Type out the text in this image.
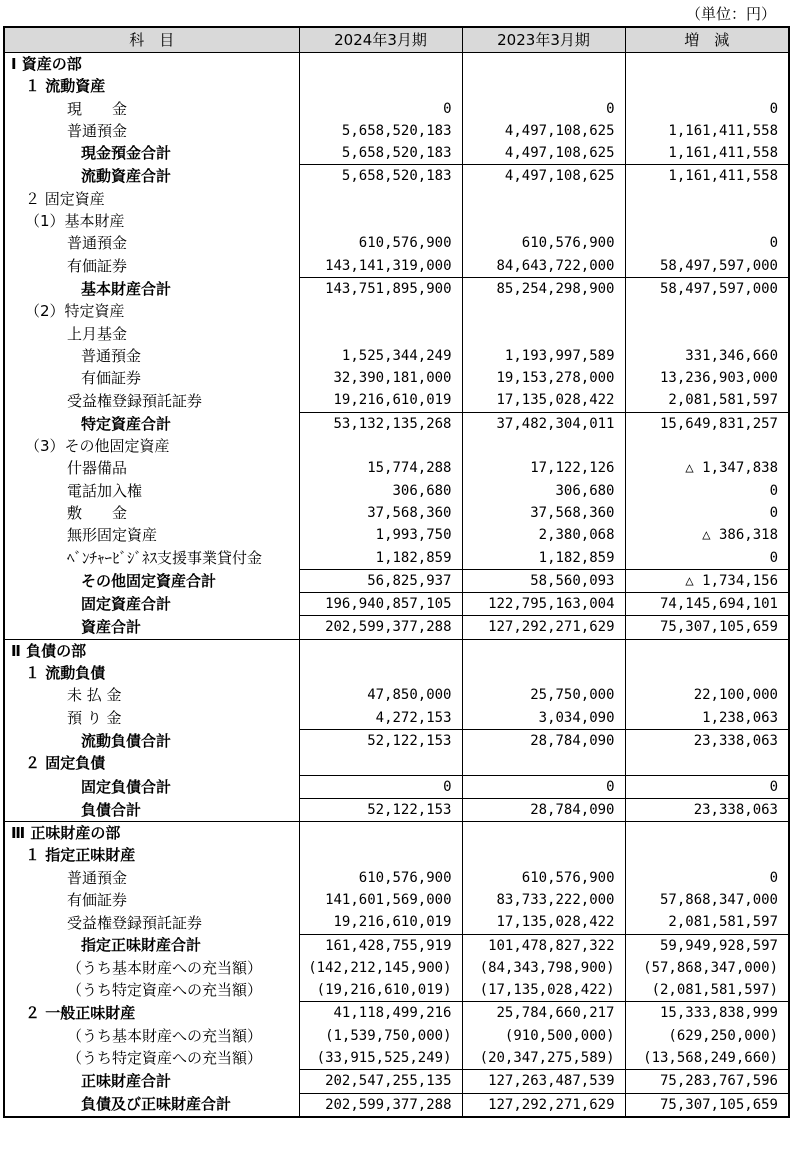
（単位：円）
科　目	2024年3月期	2023年3月期	増　減
Ⅰ 資産の部			
１ 流動資産			
現　　金	0	0	0
普通預金	5,658,520,183	4,497,108,625	1,161,411,558
現金預金合計	5,658,520,183	4,497,108,625	1,161,411,558
流動資産合計	5,658,520,183	4,497,108,625	1,161,411,558
２ 固定資産			
（1）基本財産			
普通預金	610,576,900	610,576,900	0
有価証券	143,141,319,000	84,643,722,000	58,497,597,000
基本財産合計	143,751,895,900	85,254,298,900	58,497,597,000
（2）特定資産			
上月基金			
普通預金	1,525,344,249	1,193,997,589	331,346,660
有価証券	32,390,181,000	19,153,278,000	13,236,903,000
受益権登録預託証券	19,216,610,019	17,135,028,422	2,081,581,597
特定資産合計	53,132,135,268	37,482,304,011	15,649,831,257
（3）その他固定資産			
什器備品	15,774,288	17,122,126	△ 1,347,838
電話加入権	306,680	306,680	0
敷　　金	37,568,360	37,568,360	0
無形固定資産	1,993,750	2,380,068	△ 386,318
ﾍﾞﾝﾁｬｰﾋﾞｼﾞﾈｽ支援事業貸付金	1,182,859	1,182,859	0
その他固定資産合計	56,825,937	58,560,093	△ 1,734,156
固定資産合計	196,940,857,105	122,795,163,004	74,145,694,101
資産合計	202,599,377,288	127,292,271,629	75,307,105,659
Ⅱ 負債の部			
１ 流動負債			
未 払 金	47,850,000	25,750,000	22,100,000
預 り 金	4,272,153	3,034,090	1,238,063
流動負債合計	52,122,153	28,784,090	23,338,063
２ 固定負債			
固定負債合計	0	0	0
負債合計	52,122,153	28,784,090	23,338,063
Ⅲ 正味財産の部			
１ 指定正味財産			
普通預金	610,576,900	610,576,900	0
有価証券	141,601,569,000	83,733,222,000	57,868,347,000
受益権登録預託証券	19,216,610,019	17,135,028,422	2,081,581,597
指定正味財産合計	161,428,755,919	101,478,827,322	59,949,928,597
（うち基本財産への充当額）	(142,212,145,900)	(84,343,798,900)	(57,868,347,000)
（うち特定資産への充当額）	(19,216,610,019)	(17,135,028,422)	(2,081,581,597)
２ 一般正味財産	41,118,499,216	25,784,660,217	15,333,838,999
（うち基本財産への充当額）	(1,539,750,000)	(910,500,000)	(629,250,000)
（うち特定資産への充当額）	(33,915,525,249)	(20,347,275,589)	(13,568,249,660)
正味財産合計	202,547,255,135	127,263,487,539	75,283,767,596
負債及び正味財産合計	202,599,377,288	127,292,271,629	75,307,105,659
